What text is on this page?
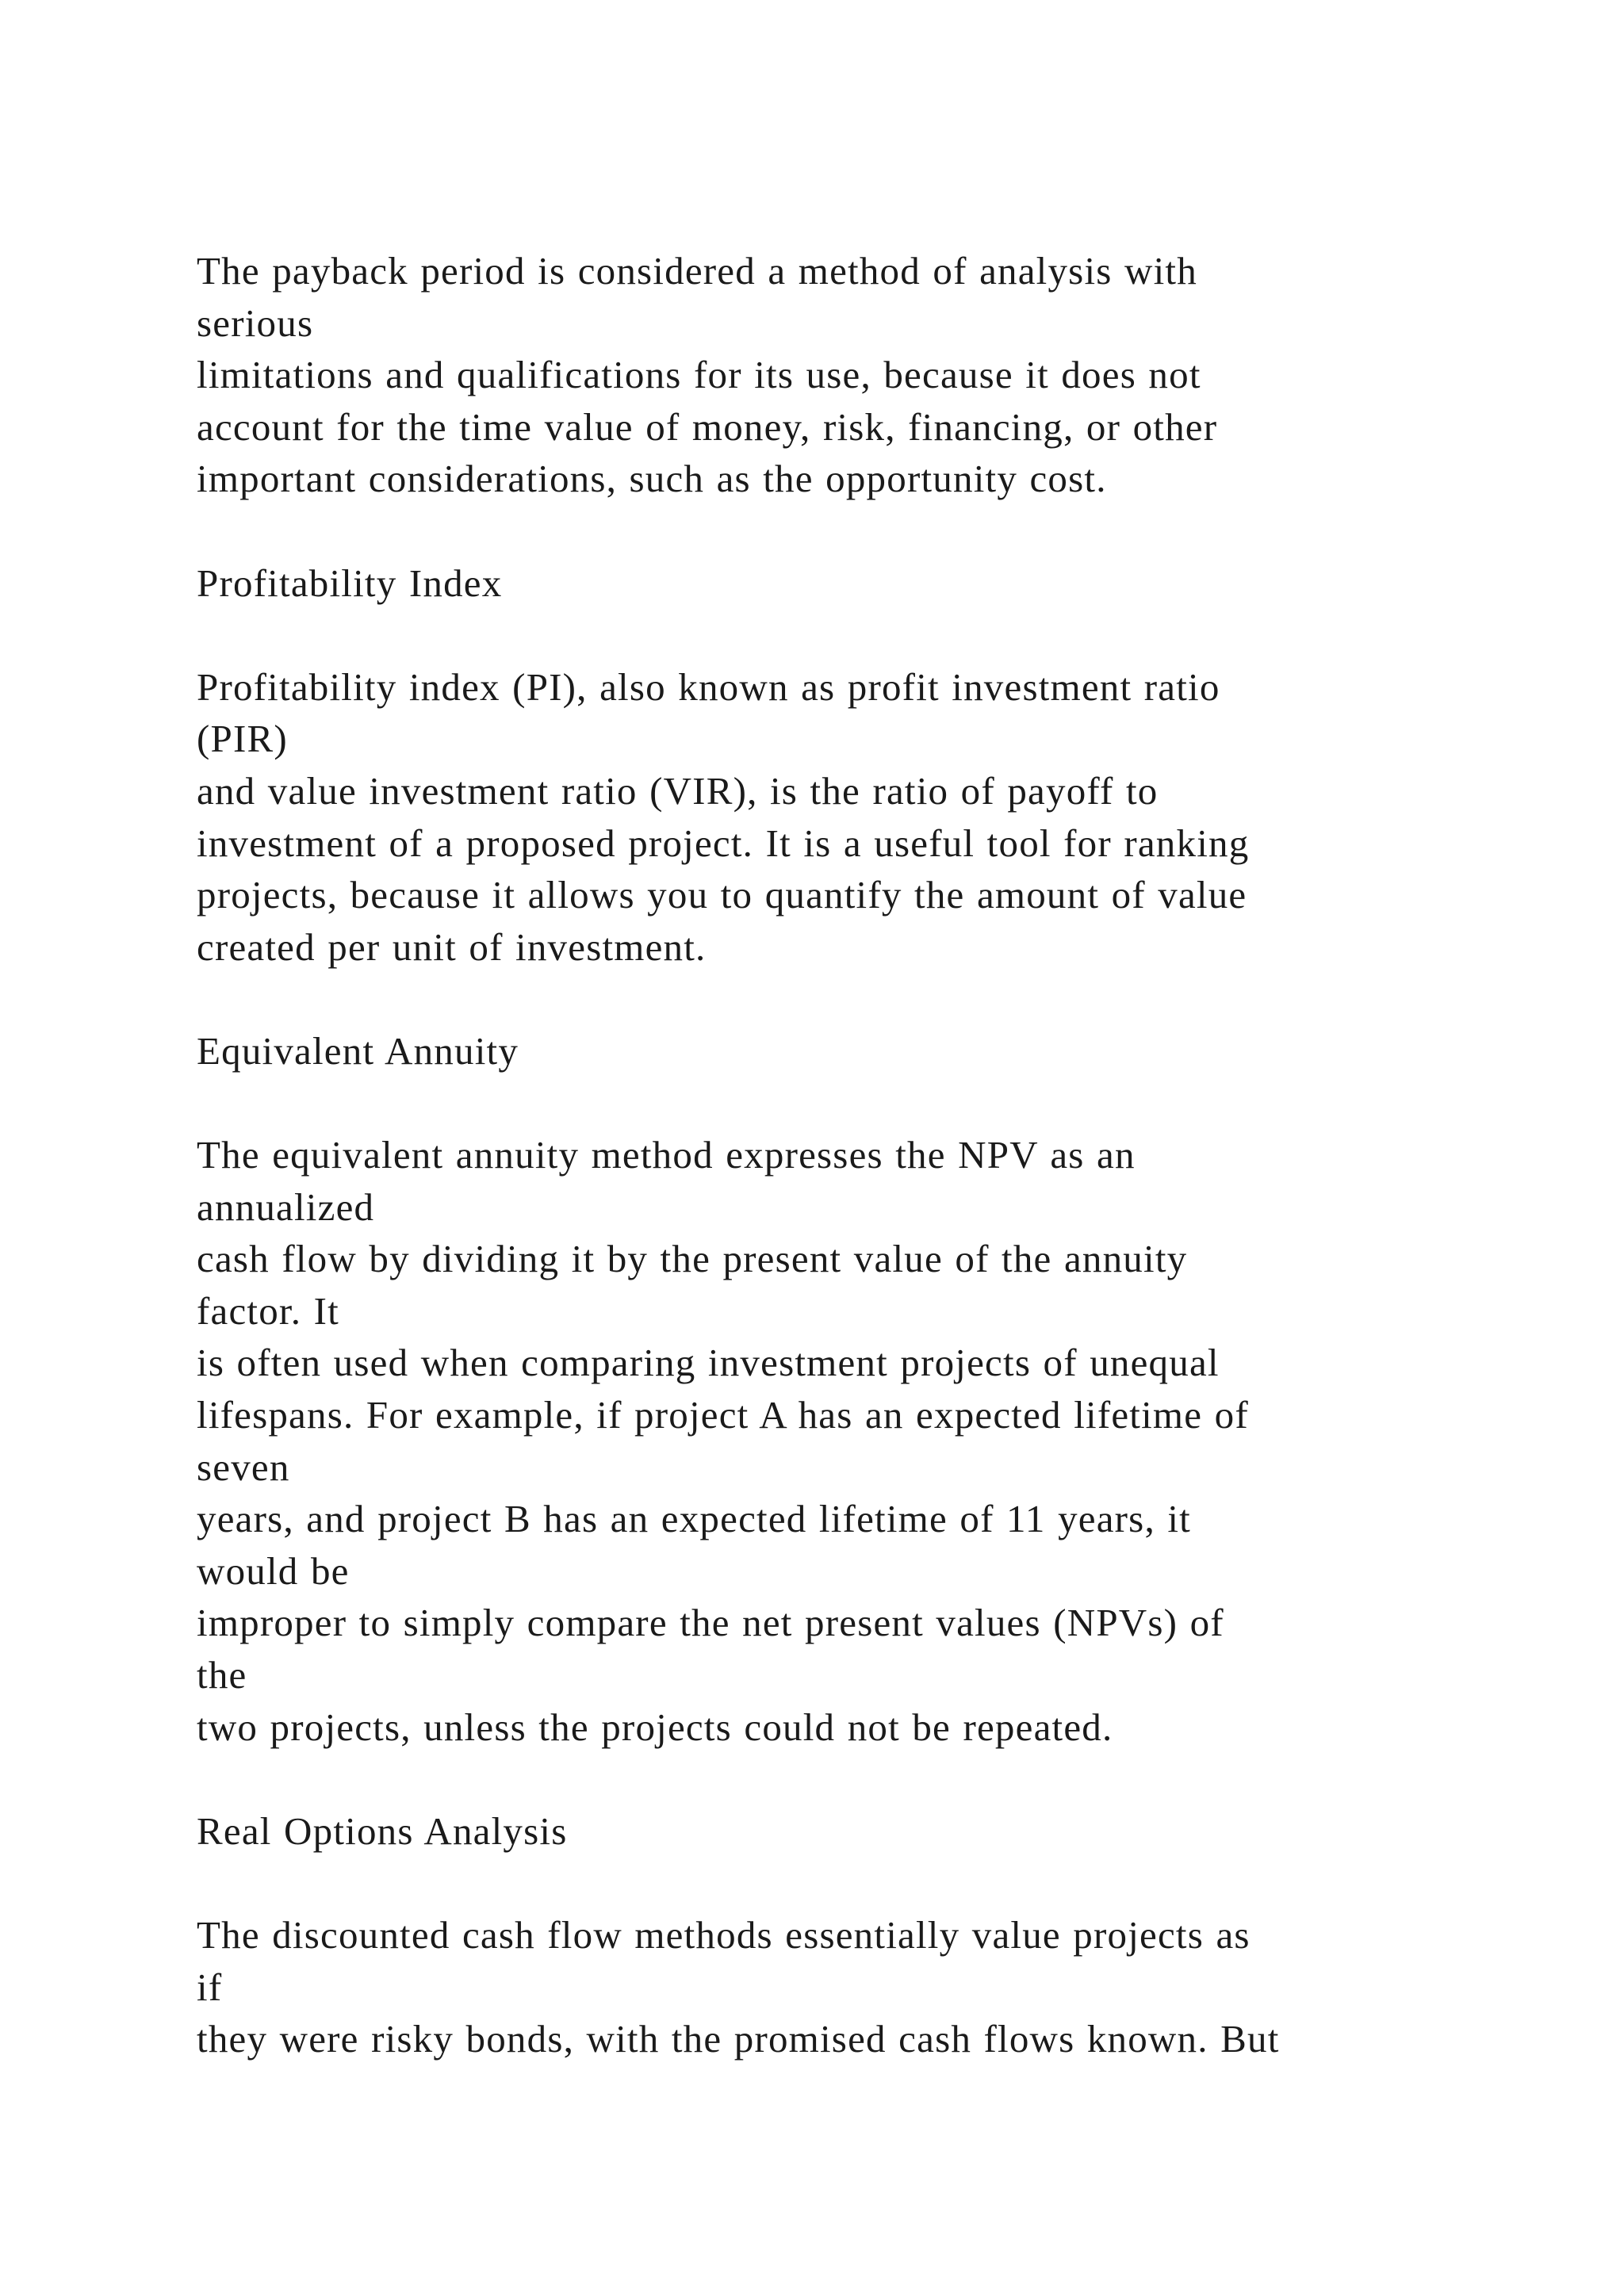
The payback period is considered a method of analysis with
serious
limitations and qualifications for its use, because it does not
account for the time value of money, risk, financing, or other
important considerations, such as the opportunity cost.
Profitability Index
Profitability index (PI), also known as profit investment ratio
(PIR)
and value investment ratio (VIR), is the ratio of payoff to
investment of a proposed project. It is a useful tool for ranking
projects, because it allows you to quantify the amount of value
created per unit of investment.
Equivalent Annuity
The equivalent annuity method expresses the NPV as an
annualized
cash flow by dividing it by the present value of the annuity
factor. It
is often used when comparing investment projects of unequal
lifespans. For example, if project A has an expected lifetime of
seven
years, and project B has an expected lifetime of 11 years, it
would be
improper to simply compare the net present values (NPVs) of
the
two projects, unless the projects could not be repeated.
Real Options Analysis
The discounted cash flow methods essentially value projects as
if
they were risky bonds, with the promised cash flows known. But
